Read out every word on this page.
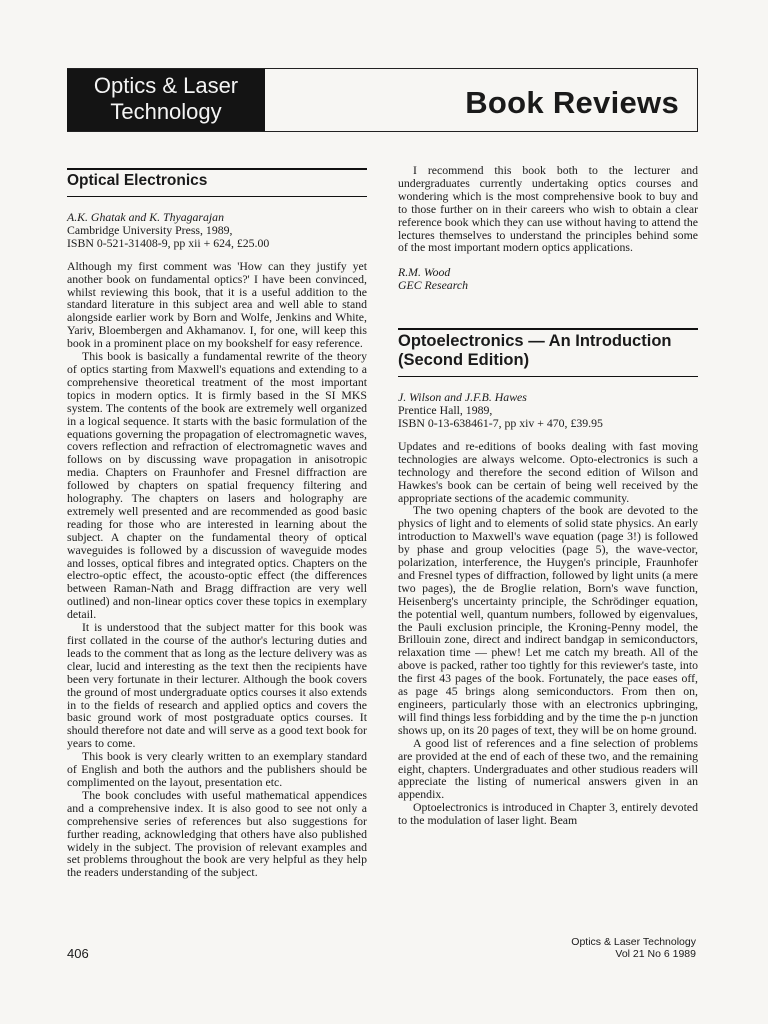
Optics & Laser
Technology	Book Reviews
Optical Electronics
A.K. Ghatak and K. Thyagarajan
Cambridge University Press, 1989,
ISBN 0-521-31408-9, pp xii + 624, £25.00

Although my first comment was 'How can they justify yet another book on fundamental optics?' I have been convinced, whilst reviewing this book, that it is a useful addition to the standard literature in this subject area and well able to stand alongside earlier work by Born and Wolfe, Jenkins and White, Yariv, Bloembergen and Akhamanov. I, for one, will keep this book in a prominent place on my bookshelf for easy reference.

This book is basically a fundamental rewrite of the theory of optics starting from Maxwell's equations and extending to a comprehensive theoretical treatment of the most important topics in modern optics. It is firmly based in the SI MKS system. The contents of the book are extremely well organized in a logical sequence. It starts with the basic formulation of the equations governing the propagation of electromagnetic waves, covers reflection and refraction of electromagnetic waves and follows on by discussing wave propagation in anisotropic media. Chapters on Fraunhofer and Fresnel diffraction are followed by chapters on spatial frequency filtering and holography. The chapters on lasers and holography are extremely well presented and are recommended as good basic reading for those who are interested in learning about the subject. A chapter on the fundamental theory of optical waveguides is followed by a discussion of waveguide modes and losses, optical fibres and integrated optics. Chapters on the electro-optic effect, the acousto-optic effect (the differences between Raman-Nath and Bragg diffraction are very well outlined) and non-linear optics cover these topics in exemplary detail.

It is understood that the subject matter for this book was first collated in the course of the author's lecturing duties and leads to the comment that as long as the lecture delivery was as clear, lucid and interesting as the text then the recipients have been very fortunate in their lecturer. Although the book covers the ground of most undergraduate optics courses it also extends in to the fields of research and applied optics and covers the basic ground work of most postgraduate optics courses. It should therefore not date and will serve as a good text book for years to come.

This book is very clearly written to an exemplary standard of English and both the authors and the publishers should be complimented on the layout, presentation etc.

The book concludes with useful mathematical appendices and a comprehensive index. It is also good to see not only a comprehensive series of references but also suggestions for further reading, acknowledging that others have also published widely in the subject. The provision of relevant examples and set problems throughout the book are very helpful as they help the readers understanding of the subject.

I recommend this book both to the lecturer and undergraduates currently undertaking optics courses and wondering which is the most comprehensive book to buy and to those further on in their careers who wish to obtain a clear reference book which they can use without having to attend the lectures themselves to understand the principles behind some of the most important modern optics applications.

R.M. Wood
GEC Research
Optoelectronics — An Introduction
(Second Edition)
J. Wilson and J.F.B. Hawes
Prentice Hall, 1989,
ISBN 0-13-638461-7, pp xiv + 470, £39.95

Updates and re-editions of books dealing with fast moving technologies are always welcome. Opto-electronics is such a technology and therefore the second edition of Wilson and Hawkes's book can be certain of being well received by the appropriate sections of the academic community.

The two opening chapters of the book are devoted to the physics of light and to elements of solid state physics. An early introduction to Maxwell's wave equation (page 3!) is followed by phase and group velocities (page 5), the wave-vector, polarization, interference, the Huygen's principle, Fraunhofer and Fresnel types of diffraction, followed by light units (a mere two pages), the de Broglie relation, Born's wave function, Heisenberg's uncertainty principle, the Schrödinger equation, the potential well, quantum numbers, followed by eigenvalues, the Pauli exclusion principle, the Kroning-Penny model, the Brillouin zone, direct and indirect bandgap in semiconductors, relaxation time — phew! Let me catch my breath. All of the above is packed, rather too tightly for this reviewer's taste, into the first 43 pages of the book. Fortunately, the pace eases off, as page 45 brings along semiconductors. From then on, engineers, particularly those with an electronics upbringing, will find things less forbidding and by the time the p-n junction shows up, on its 20 pages of text, they will be on home ground.

A good list of references and a fine selection of problems are provided at the end of each of these two, and the remaining eight, chapters. Undergraduates and other studious readers will appreciate the listing of numerical answers given in an appendix.

Optoelectronics is introduced in Chapter 3, entirely devoted to the modulation of laser light. Beam

406
Optics & Laser Technology
Vol 21 No 6 1989
